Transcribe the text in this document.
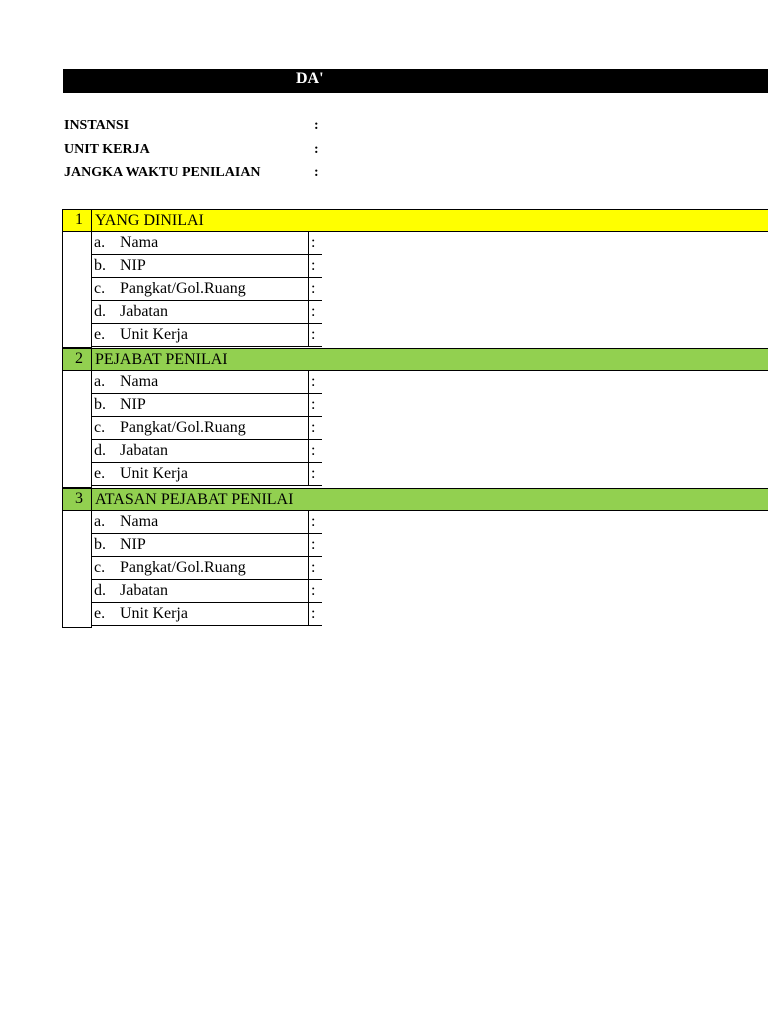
DA'
INSTANSI	:
UNIT KERJA	:
JANGKA WAKTU PENILAIAN	:
1 YANG DINILAI
a. Nama	:
b. NIP	:
c. Pangkat/Gol.Ruang	:
d. Jabatan	:
e. Unit Kerja	:
2 PEJABAT PENILAI
a. Nama	:
b. NIP	:
c. Pangkat/Gol.Ruang	:
d. Jabatan	:
e. Unit Kerja	:
3 ATASAN PEJABAT PENILAI
a. Nama	:
b. NIP	:
c. Pangkat/Gol.Ruang	:
d. Jabatan	:
e. Unit Kerja	:
